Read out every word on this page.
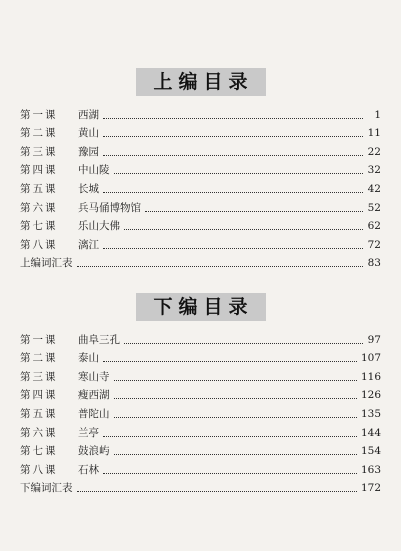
上编目录
第一课	西湖	1
第二课	黄山	11
第三课	豫园	22
第四课	中山陵	32
第五课	长城	42
第六课	兵马俑博物馆	52
第七课	乐山大佛	62
第八课	漓江	72
上编词汇表	83
下编目录
第一课	曲阜三孔	97
第二课	泰山	107
第三课	寒山寺	116
第四课	瘦西湖	126
第五课	普陀山	135
第六课	兰亭	144
第七课	鼓浪屿	154
第八课	石林	163
下编词汇表	172
